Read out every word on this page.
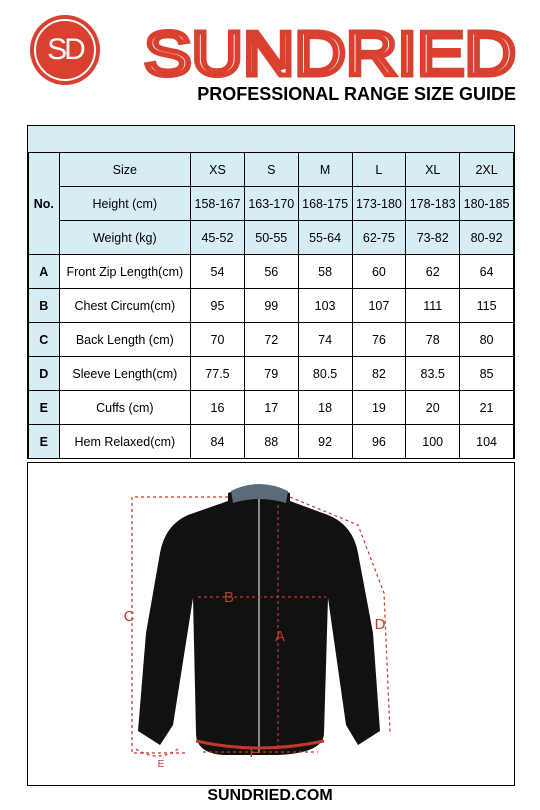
SD SUNDRIED
PROFESSIONAL RANGE SIZE GUIDE
No.	Size	XS	S	M	L	XL	2XL
	Height (cm)	158-167	163-170	168-175	173-180	178-183	180-185
	Weight (kg)	45-52	50-55	55-64	62-75	73-82	80-92
A	Front Zip Length(cm)	54	56	58	60	62	64
B	Chest Circum(cm)	95	99	103	107	111	115
C	Back Length (cm)	70	72	74	76	78	80
D	Sleeve Length(cm)	77.5	79	80.5	82	83.5	85
E	Cuffs (cm)	16	17	18	19	20	21
E	Hem Relaxed(cm)	84	88	92	96	100	104
A
B
C	D
E
F
SUNDRIED.COM
